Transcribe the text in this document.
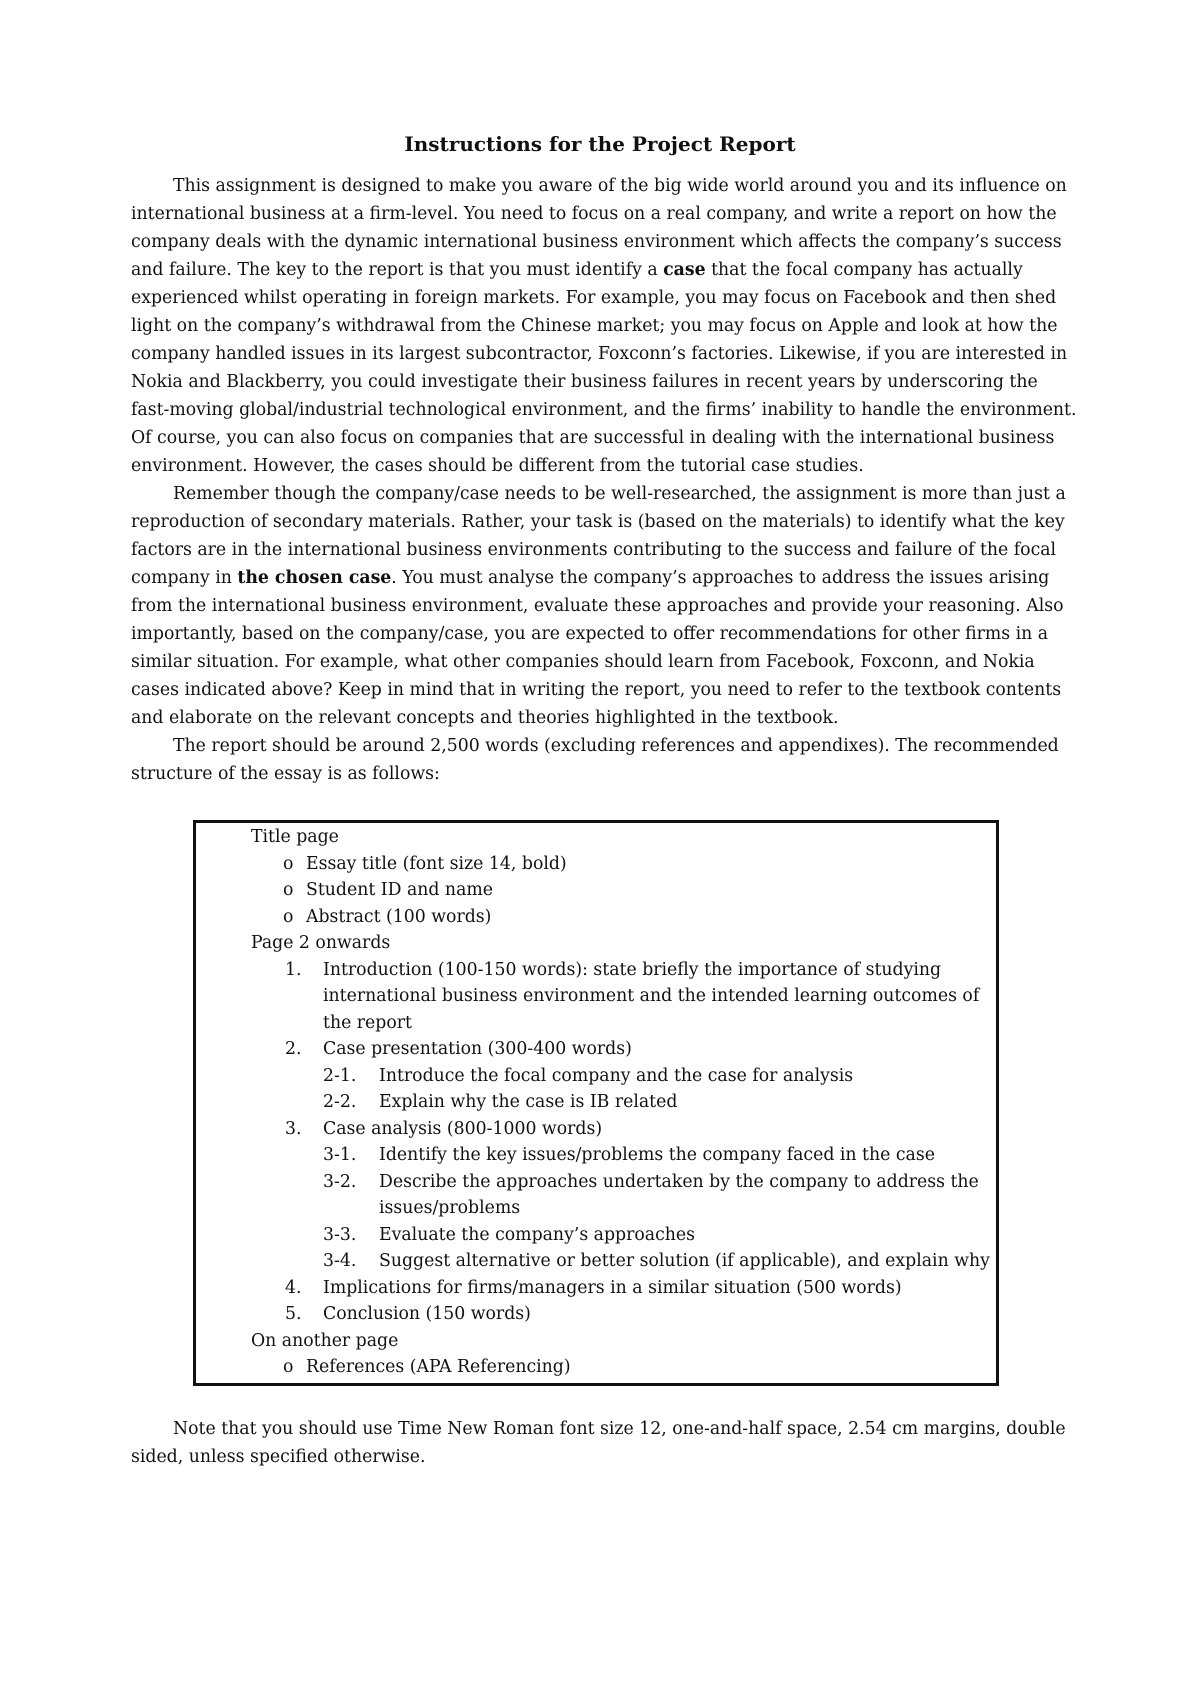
Instructions for the Project Report

This assignment is designed to make you aware of the big wide world around you and its influence on international business at a firm-level. You need to focus on a real company, and write a report on how the company deals with the dynamic international business environment which affects the company’s success and failure. The key to the report is that you must identify a case that the focal company has actually experienced whilst operating in foreign markets. For example, you may focus on Facebook and then shed light on the company’s withdrawal from the Chinese market; you may focus on Apple and look at how the company handled issues in its largest subcontractor, Foxconn’s factories. Likewise, if you are interested in Nokia and Blackberry, you could investigate their business failures in recent years by underscoring the fast-moving global/industrial technological environment, and the firms’ inability to handle the environment. Of course, you can also focus on companies that are successful in dealing with the international business environment. However, the cases should be different from the tutorial case studies.

Remember though the company/case needs to be well-researched, the assignment is more than just a reproduction of secondary materials. Rather, your task is (based on the materials) to identify what the key factors are in the international business environments contributing to the success and failure of the focal company in the chosen case. You must analyse the company’s approaches to address the issues arising from the international business environment, evaluate these approaches and provide your reasoning. Also importantly, based on the company/case, you are expected to offer recommendations for other firms in a similar situation. For example, what other companies should learn from Facebook, Foxconn, and Nokia cases indicated above? Keep in mind that in writing the report, you need to refer to the textbook contents and elaborate on the relevant concepts and theories highlighted in the textbook.

The report should be around 2,500 words (excluding references and appendixes). The recommended structure of the essay is as follows:

Title page

o Essay title (font size 14, bold)

o Student ID and name

o Abstract (100 words)

Page 2 onwards

1. Introduction (100-150 words): state briefly the importance of studying international business environment and the intended learning outcomes of the report

2. Case presentation (300-400 words)

2-1. Introduce the focal company and the case for analysis

2-2. Explain why the case is IB related

3. Case analysis (800-1000 words)

3-1. Identify the key issues/problems the company faced in the case

3-2. Describe the approaches undertaken by the company to address the issues/problems

3-3. Evaluate the company’s approaches

3-4. Suggest alternative or better solution (if applicable), and explain why

4. Implications for firms/managers in a similar situation (500 words)

5. Conclusion (150 words)

On another page

o References (APA Referencing)

Note that you should use Time New Roman font size 12, one-and-half space, 2.54 cm margins, double sided, unless specified otherwise.
